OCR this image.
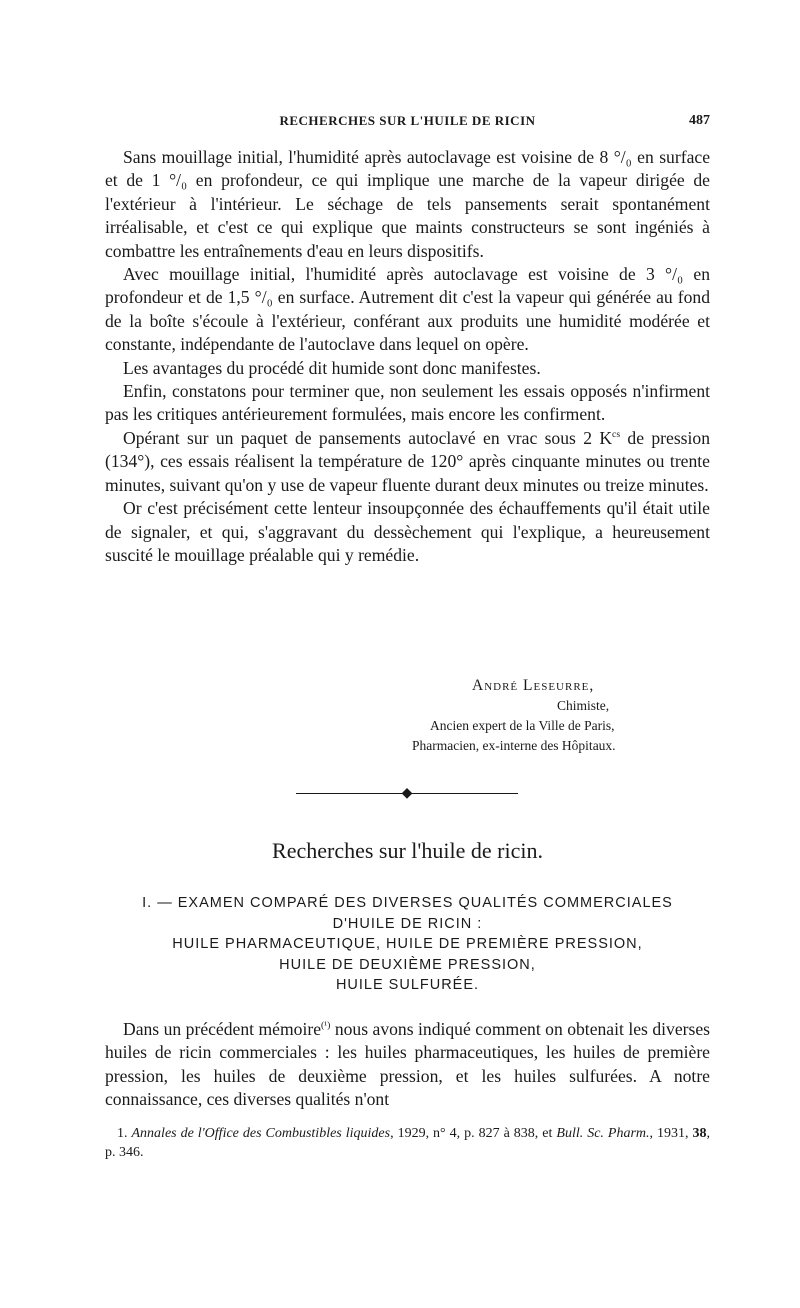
RECHERCHES SUR L'HUILE DE RICIN	487

Sans mouillage initial, l'humidité après autoclavage est voisine de 8 °/₀ en surface et de 1 °/₀ en profondeur, ce qui implique une marche de la vapeur dirigée de l'extérieur à l'intérieur. Le séchage de tels pansements serait spontanément irréalisable, et c'est ce qui explique que maints constructeurs se sont ingéniés à combattre les entraînements d'eau en leurs dispositifs.

Avec mouillage initial, l'humidité après autoclavage est voisine de 3 °/₀ en profondeur et de 1,5 °/₀ en surface. Autrement dit c'est la vapeur qui générée au fond de la boîte s'écoule à l'extérieur, conférant aux produits une humidité modérée et constante, indépendante de l'autoclave dans lequel on opère.

Les avantages du procédé dit humide sont donc manifestes.

Enfin, constatons pour terminer que, non seulement les essais opposés n'infirment pas les critiques antérieurement formulées, mais encore les confirment.

Opérant sur un paquet de pansements autoclavé en vrac sous 2 $K^{cs}$ de pression (134°), ces essais réalisent la température de 120° après cinquante minutes ou trente minutes, suivant qu'on y use de vapeur fluente durant deux minutes ou treize minutes.

Or c'est précisément cette lenteur insoupçonnée des échauffements qu'il était utile de signaler, et qui, s'aggravant du dessèchement qui l'explique, a heureusement suscité le mouillage préalable qui y remédie.

André Leseurre,
Chimiste,
Ancien expert de la Ville de Paris,
Pharmacien, ex-interne des Hôpitaux.
◆
Recherches sur l'huile de ricin.
I. — EXAMEN COMPARÉ DES DIVERSES QUALITÉS COMMERCIALES
D'HUILE DE RICIN :
HUILE PHARMACEUTIQUE, HUILE DE PREMIÈRE PRESSION,
HUILE DE DEUXIÈME PRESSION,
HUILE SULFURÉE.

Dans un précédent mémoire$^{(^1)}$ nous avons indiqué comment on obtenait les diverses huiles de ricin commerciales : les huiles pharmaceutiques, les huiles de première pression, les huiles de deuxième pression, et les huiles sulfurées. A notre connaissance, ces diverses qualités n'ont

1. Annales de l'Office des Combustibles liquides, 1929, n° 4, p. 827 à 838, et Bull. Sc. Pharm., 1931, 38, p. 346.
